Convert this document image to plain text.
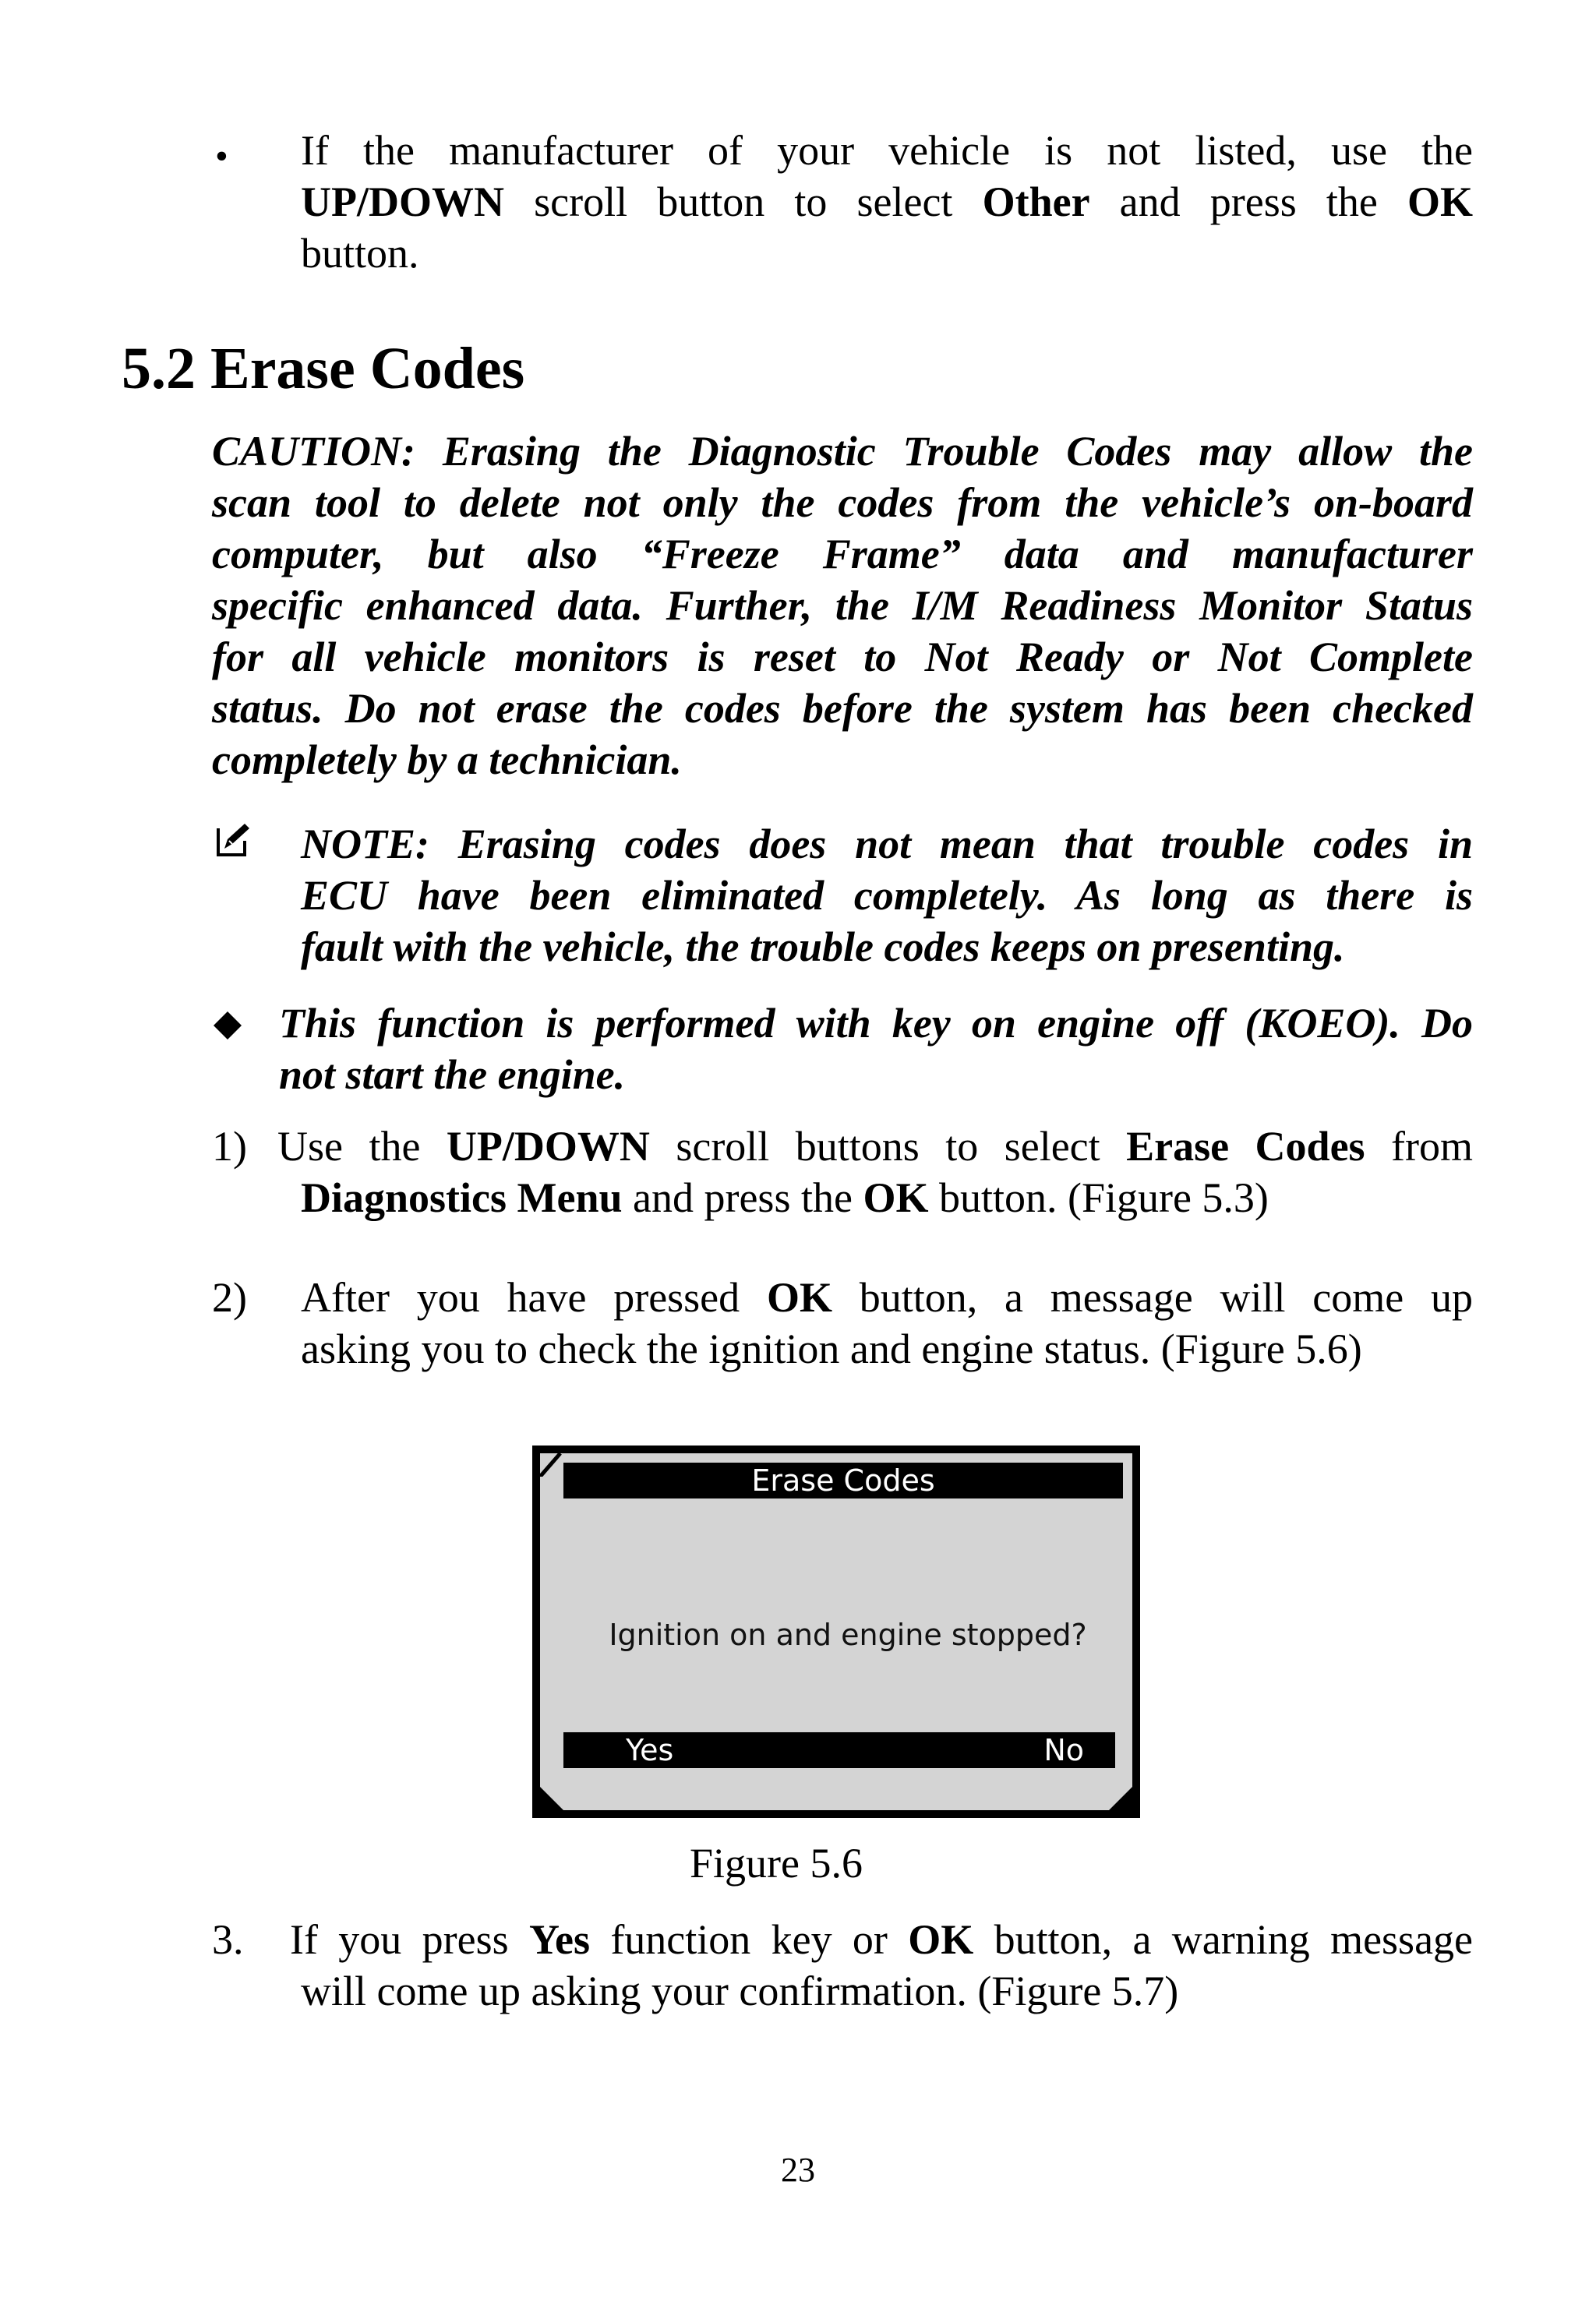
• If the manufacturer of your vehicle is not listed, use the
UP/DOWN scroll button to select Other and press the OK
button.
5.2 Erase Codes
CAUTION: Erasing the Diagnostic Trouble Codes may allow the
scan tool to delete not only the codes from the vehicle’s on-board
computer, but also “Freeze Frame” data and manufacturer
specific enhanced data. Further, the I/M Readiness Monitor Status
for all vehicle monitors is reset to Not Ready or Not Complete
status. Do not erase the codes before the system has been checked
completely by a technician.
NOTE: Erasing codes does not mean that trouble codes in
ECU have been eliminated completely. As long as there is
fault with the vehicle, the trouble codes keeps on presenting.
This function is performed with key on engine off (KOEO). Do
not start the engine.
1) Use the UP/DOWN scroll buttons to select Erase Codes from
Diagnostics Menu and press the OK button. (Figure 5.3)
2) After you have pressed OK button, a message will come up
asking you to check the ignition and engine status. (Figure 5.6)
Erase Codes
Ignition on and engine stopped?
Yes	No
Figure 5.6
3. If you press Yes function key or OK button, a warning message
will come up asking your confirmation. (Figure 5.7)
23
